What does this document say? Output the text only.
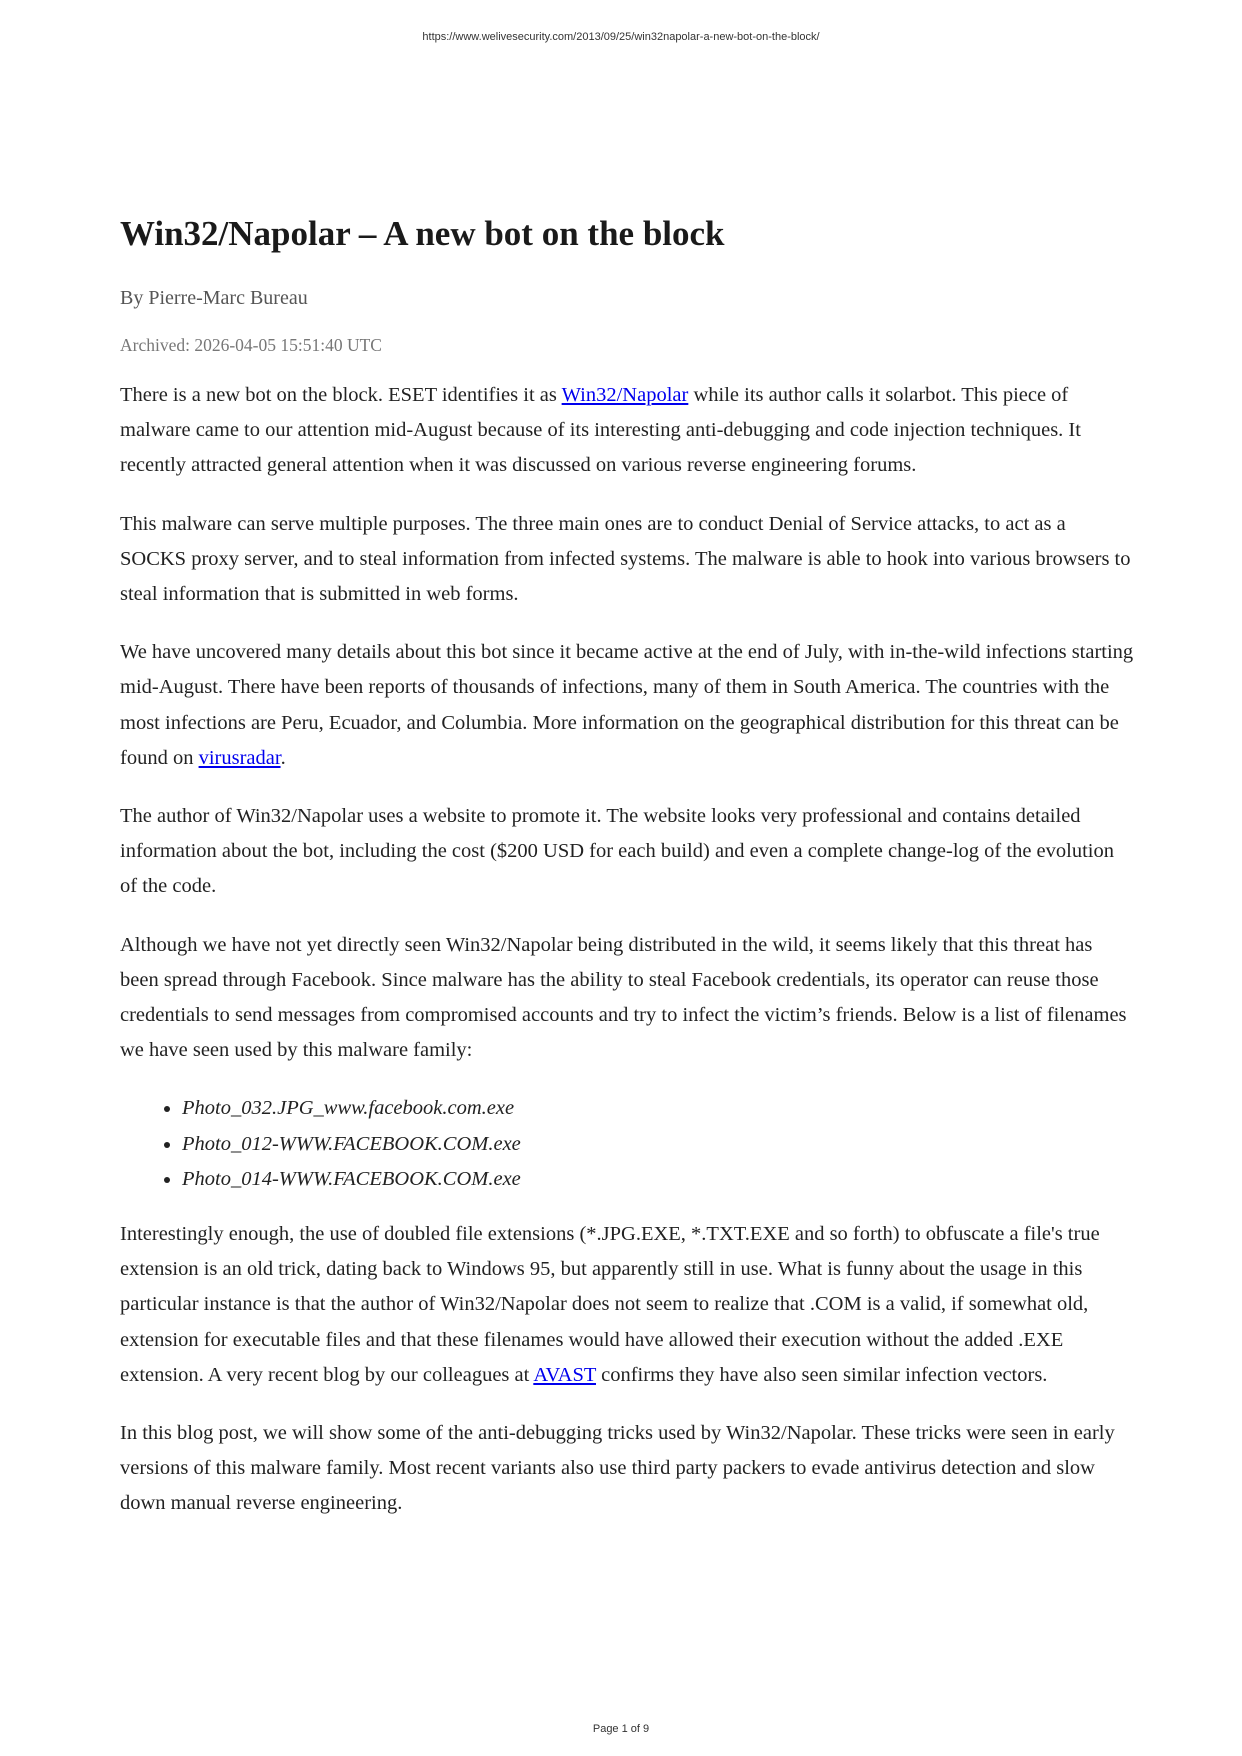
https://www.welivesecurity.com/2013/09/25/win32napolar-a-new-bot-on-the-block/
Win32/Napolar – A new bot on the block
By Pierre-Marc Bureau
Archived: 2026-04-05 15:51:40 UTC

There is a new bot on the block. ESET identifies it as Win32/Napolar while its author calls it solarbot. This piece of malware came to our attention mid-August because of its interesting anti-debugging and code injection techniques. It recently attracted general attention when it was discussed on various reverse engineering forums.

This malware can serve multiple purposes. The three main ones are to conduct Denial of Service attacks, to act as a SOCKS proxy server, and to steal information from infected systems. The malware is able to hook into various browsers to steal information that is submitted in web forms.

We have uncovered many details about this bot since it became active at the end of July, with in-the-wild infections starting mid-August. There have been reports of thousands of infections, many of them in South America. The countries with the most infections are Peru, Ecuador, and Columbia. More information on the geographical distribution for this threat can be found on virusradar.

The author of Win32/Napolar uses a website to promote it. The website looks very professional and contains detailed information about the bot, including the cost ($200 USD for each build) and even a complete change-log of the evolution of the code.

Although we have not yet directly seen Win32/Napolar being distributed in the wild, it seems likely that this threat has been spread through Facebook. Since malware has the ability to steal Facebook credentials, its operator can reuse those credentials to send messages from compromised accounts and try to infect the victim’s friends. Below is a list of filenames we have seen used by this malware family:

• Photo_032.JPG_www.facebook.com.exe
• Photo_012-WWW.FACEBOOK.COM.exe
• Photo_014-WWW.FACEBOOK.COM.exe

Interestingly enough, the use of doubled file extensions (*.JPG.EXE, *.TXT.EXE and so forth) to obfuscate a file's true extension is an old trick, dating back to Windows 95, but apparently still in use. What is funny about the usage in this particular instance is that the author of Win32/Napolar does not seem to realize that .COM is a valid, if somewhat old, extension for executable files and that these filenames would have allowed their execution without the added .EXE extension. A very recent blog by our colleagues at AVAST confirms they have also seen similar infection vectors.

In this blog post, we will show some of the anti-debugging tricks used by Win32/Napolar. These tricks were seen in early versions of this malware family. Most recent variants also use third party packers to evade antivirus detection and slow down manual reverse engineering.

Page 1 of 9
